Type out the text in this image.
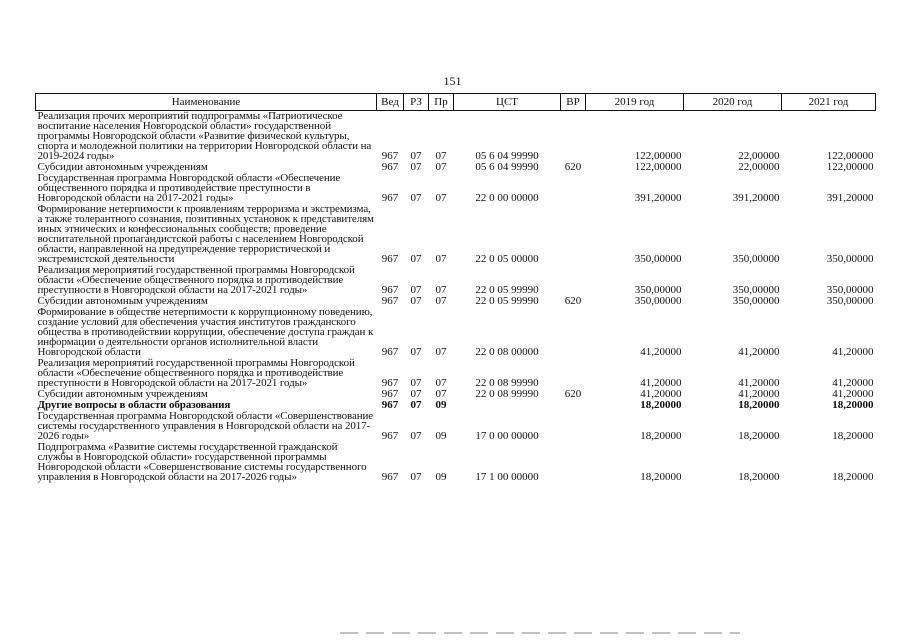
151
Наименование	Вед	РЗ	Пр	ЦСТ	ВР	2019 год	2020 год	2021 год
Реализация прочих мероприятий подпрограммы «Патриотическое воспитание населения Новгородской области» государственной программы Новгородской области «Развитие физической культуры, спорта и молодежной политики на территории Новгородской области на 2019-2024 годы»	967	07	07	05 6 04 99990		122,00000	22,00000	122,00000
Субсидии автономным учреждениям	967	07	07	05 6 04 99990	620	122,00000	22,00000	122,00000
Государственная программа Новгородской области «Обеспечение общественного порядка и противодействие преступности в Новгородской области на 2017-2021 годы»	967	07	07	22 0 00 00000		391,20000	391,20000	391,20000
Формирование нетерпимости к проявлениям терроризма и экстремизма, а также толерантного сознания, позитивных установок к представителям иных этнических и конфессиональных сообществ; проведение воспитательной пропагандистской работы с населением Новгородской области, направленной на предупреждение террористической и экстремистской деятельности	967	07	07	22 0 05 00000		350,00000	350,00000	350,00000
Реализация мероприятий государственной программы Новгородской области «Обеспечение общественного порядка и противодействие преступности в Новгородской области на 2017-2021 годы»	967	07	07	22 0 05 99990		350,00000	350,00000	350,00000
Субсидии автономным учреждениям	967	07	07	22 0 05 99990	620	350,00000	350,00000	350,00000
Формирование в обществе нетерпимости к коррупционному поведению, создание условий для обеспечения участия институтов гражданского общества в противодействии коррупции, обеспечение доступа граждан к информации о деятельности органов исполнительной власти Новгородской области	967	07	07	22 0 08 00000		41,20000	41,20000	41,20000
Реализация мероприятий государственной программы Новгородской области «Обеспечение общественного порядка и противодействие преступности в Новгородской области на 2017-2021 годы»	967	07	07	22 0 08 99990		41,20000	41,20000	41,20000
Субсидии автономным учреждениям	967	07	07	22 0 08 99990	620	41,20000	41,20000	41,20000
Другие вопросы в области образования	967	07	09			18,20000	18,20000	18,20000
Государственная программа Новгородской области «Совершенствование системы государственного управления в Новгородской области на 2017-2026 годы»	967	07	09	17 0 00 00000		18,20000	18,20000	18,20000
Подпрограмма «Развитие системы государственной гражданской службы в Новгородской области» государственной программы Новгородской области «Совершенствование системы государственного управления в Новгородской области на 2017-2026 годы»	967	07	09	17 1 00 00000		18,20000	18,20000	18,20000
